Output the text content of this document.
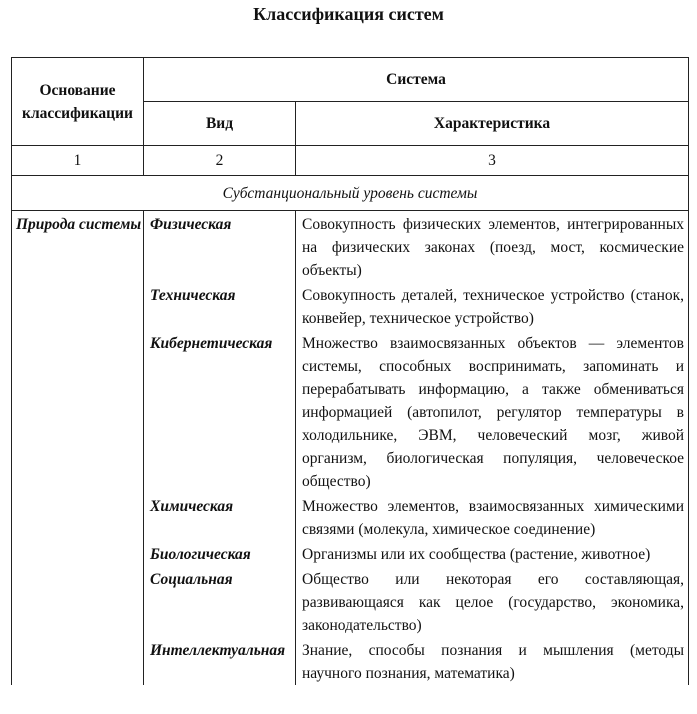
Классификация систем
Основание классификации	Система	
	Вид	Характеристика
1	2	3
Субстанциональный уровень системы		
Природа системы	Физическая	Совокупность физических элементов, интегрированных на физических законах (поезд, мост, космические объекты)
	Техническая	Совокупность деталей, техническое устройство (станок, конвейер, техническое устройство)
	Кибернетическая	Множество взаимосвязанных объектов — элементов системы, способных воспринимать, запоминать и перерабатывать информацию, а также обмениваться информацией (автопилот, регулятор температуры в холодильнике, ЭВМ, человеческий мозг, живой организм, биологическая популяция, человеческое общество)
	Химическая	Множество элементов, взаимосвязанных химическими связями (молекула, химическое соединение)
	Биологическая	Организмы или их сообщества (растение, животное)
	Социальная	Общество или некоторая его составляющая, развивающаяся как целое (государство, экономика, законодательство)
	Интеллектуальная	Знание, способы познания и мышления (методы научного познания, математика)
